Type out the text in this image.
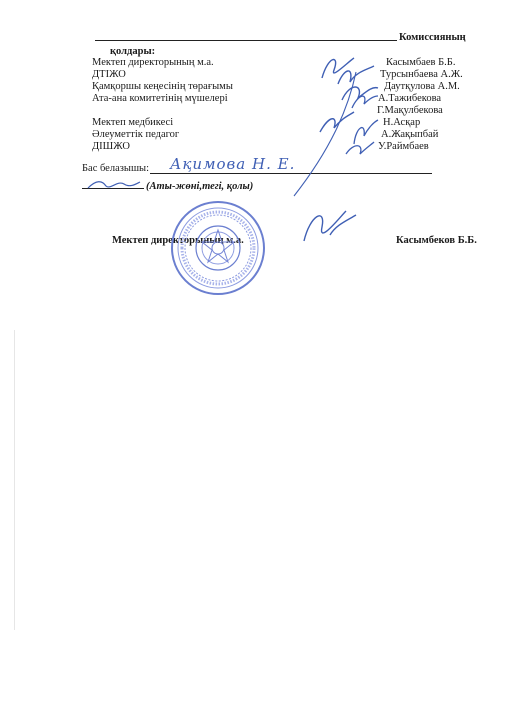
Комиссияның
қолдары:
Мектеп директорының м.а.
ДТІЖО
Қамқоршы кеңесінің төрағымы
Ата-ана комитетінің мүшелері
Мектеп медбикесі
Әлеуметтік педагог
ДІШЖО
Касымбаев Б.Б.
Турсынбаева А.Ж.
Даутқулова А.М.
А.Тажибекова
Г.Мақулбекова
Н.Асқар
А.Жақыпбай
У.Раймбаев
Бас белазышы: Ақимова Н. Е.
(Аты-жөні,тегі, қолы)
Мектеп директорының м.а.	Касымбеков Б.Б.
